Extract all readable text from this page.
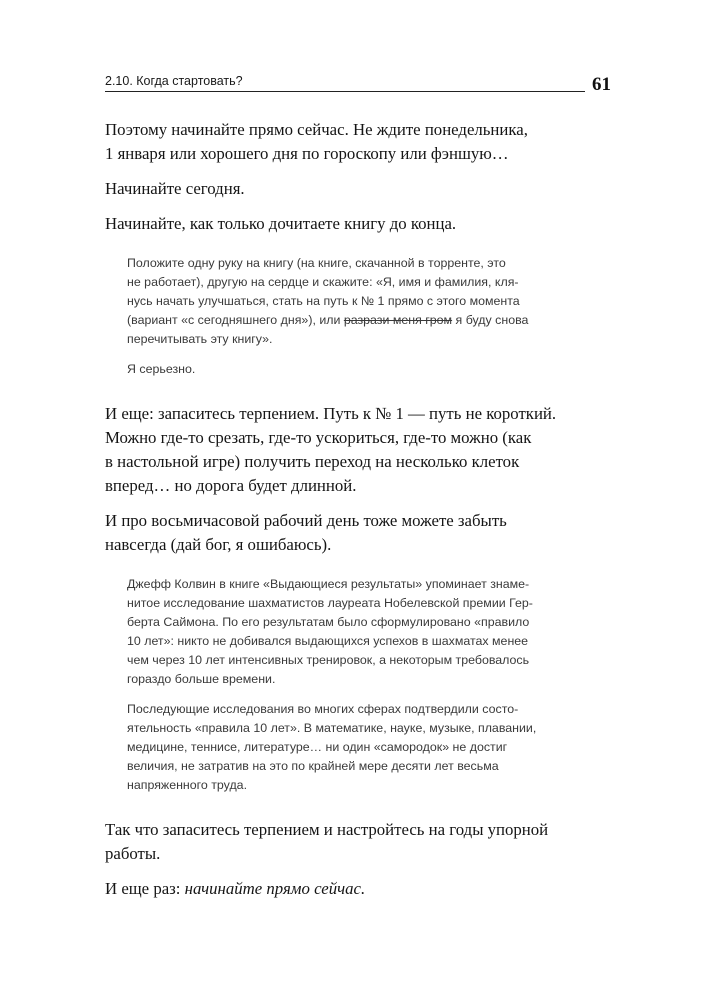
2.10. Когда стартовать?	61
Поэтому начинайте прямо сейчас. Не ждите понедельника,
1 января или хорошего дня по гороскопу или фэншую…
Начинайте сегодня.
Начинайте, как только дочитаете книгу до конца.

Положите одну руку на книгу (на книге, скачанной в торренте, это
не работает), другую на сердце и скажите: «Я, имя и фамилия, кля-
нусь начать улучшаться, стать на путь к № 1 прямо с этого момента
(вариант «с сегодняшнего дня»), или разрази меня гром я буду снова
перечитывать эту книгу».

Я серьезно.

И еще: запаситесь терпением. Путь к № 1 — путь не короткий.
Можно где-то срезать, где-то ускориться, где-то можно (как
в настольной игре) получить переход на несколько клеток
вперед… но дорога будет длинной.
И про восьмичасовой рабочий день тоже можете забыть
навсегда (дай бог, я ошибаюсь).

Джефф Колвин в книге «Выдающиеся результаты» упоминает знаме-
нитое исследование шахматистов лауреата Нобелевской премии Гер-
берта Саймона. По его результатам было сформулировано «правило
10 лет»: никто не добивался выдающихся успехов в шахматах менее
чем через 10 лет интенсивных тренировок, а некоторым требовалось
гораздо больше времени.

Последующие исследования во многих сферах подтвердили состо-
ятельность «правила 10 лет». В математике, науке, музыке, плавании,
медицине, теннисе, литературе… ни один «самородок» не достиг
величия, не затратив на это по крайней мере десяти лет весьма
напряженного труда.

Так что запаситесь терпением и настройтесь на годы упорной
работы.
И еще раз: начинайте прямо сейчас.
